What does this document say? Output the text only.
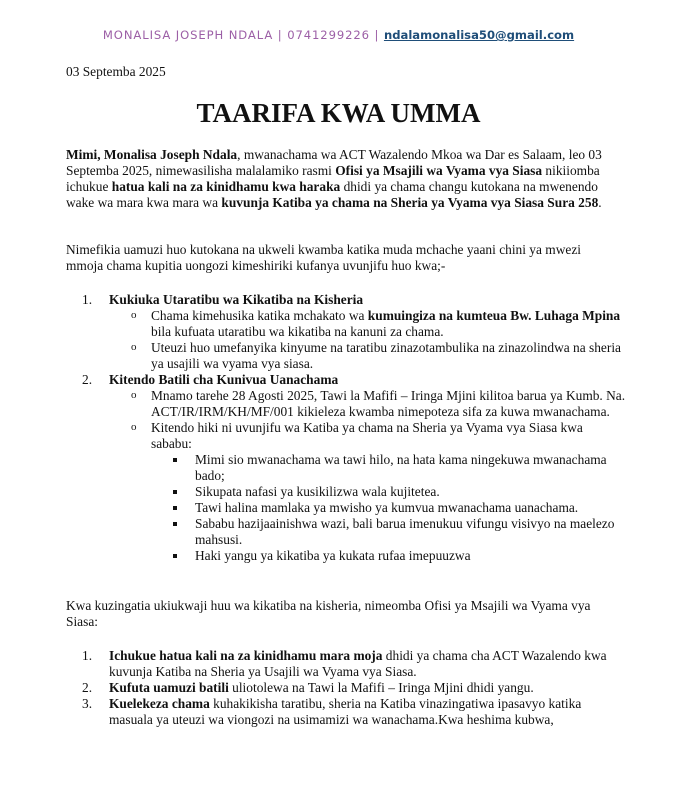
MONALISA JOSEPH NDALA | 0741299226 | ndalamonalisa50@gmail.com
03 Septemba 2025
TAARIFA KWA UMMA

Mimi, Monalisa Joseph Ndala, mwanachama wa ACT Wazalendo Mkoa wa Dar es Salaam, leo 03 Septemba 2025, nimewasilisha malalamiko rasmi Ofisi ya Msajili wa Vyama vya Siasa nikiiomba ichukue hatua kali na za kinidhamu kwa haraka dhidi ya chama changu kutokana na mwenendo wake wa mara kwa mara wa kuvunja Katiba ya chama na Sheria ya Vyama vya Siasa Sura 258.

Nimefikia uamuzi huo kutokana na ukweli kwamba katika muda mchache yaani chini ya mwezi mmoja chama kupitia uongozi kimeshiriki kufanya uvunjifu huo kwa;-

1. Kukiuka Utaratibu wa Kikatiba na Kisheria
o Chama kimehusika katika mchakato wa kumuingiza na kumteua Bw. Luhaga Mpina bila kufuata utaratibu wa kikatiba na kanuni za chama.
o Uteuzi huo umefanyika kinyume na taratibu zinazotambulika na zinazolindwa na sheria ya usajili wa vyama vya siasa.
2. Kitendo Batili cha Kunivua Uanachama
o Mnamo tarehe 28 Agosti 2025, Tawi la Mafifi – Iringa Mjini kilitoa barua ya Kumb. Na. ACT/IR/IRM/KH/MF/001 kikieleza kwamba nimepoteza sifa za kuwa mwanachama.
o Kitendo hiki ni uvunjifu wa Katiba ya chama na Sheria ya Vyama vya Siasa kwa sababu:
Mimi sio mwanachama wa tawi hilo, na hata kama ningekuwa mwanachama bado;
Sikupata nafasi ya kusikilizwa wala kujitetea.
Tawi halina mamlaka ya mwisho ya kumvua mwanachama uanachama.
Sababu hazijaainishwa wazi, bali barua imenukuu vifungu visivyo na maelezo mahsusi.
Haki yangu ya kikatiba ya kukata rufaa imepuuzwa

Kwa kuzingatia ukiukwaji huu wa kikatiba na kisheria, nimeomba Ofisi ya Msajili wa Vyama vya Siasa:

1. Ichukue hatua kali na za kinidhamu mara moja dhidi ya chama cha ACT Wazalendo kwa kuvunja Katiba na Sheria ya Usajili wa Vyama vya Siasa.
2. Kufuta uamuzi batili uliotolewa na Tawi la Mafifi – Iringa Mjini dhidi yangu.
3. Kuelekeza chama kuhakikisha taratibu, sheria na Katiba vinazingatiwa ipasavyo katika masuala ya uteuzi wa viongozi na usimamizi wa wanachama.Kwa heshima kubwa,
